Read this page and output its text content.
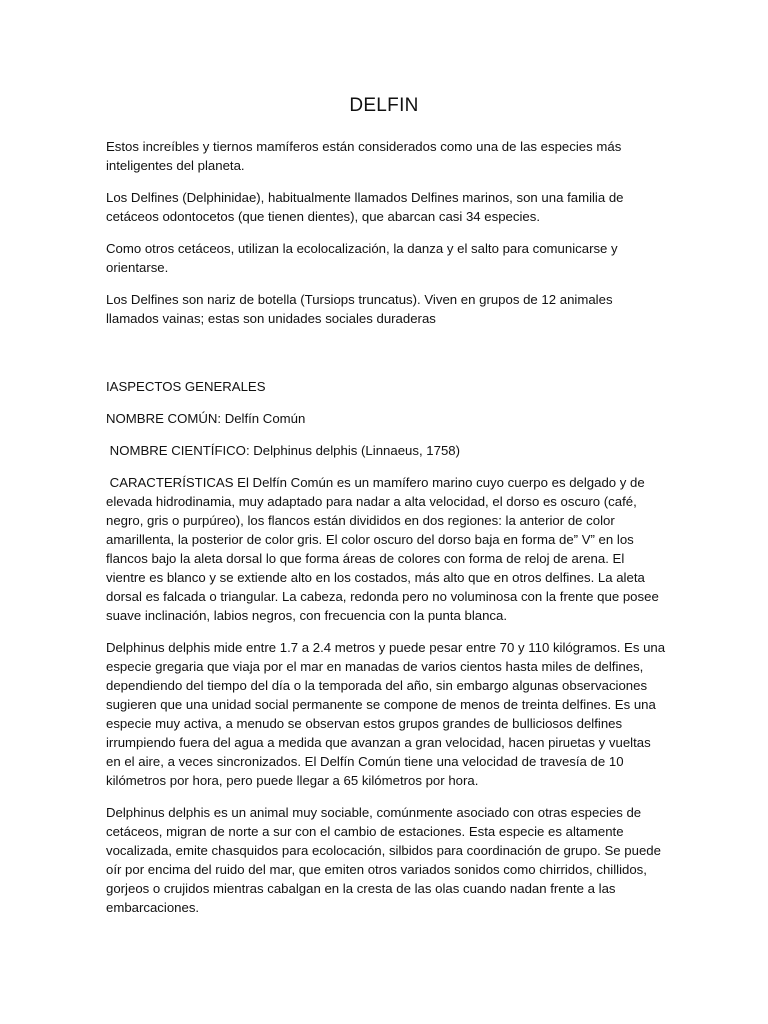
DELFIN

Estos increíbles y tiernos mamíferos están considerados como una de las especies más inteligentes del planeta.

Los Delfines (Delphinidae), habitualmente llamados Delfines marinos, son una familia de cetáceos odontocetos (que tienen dientes), que abarcan casi 34 especies.

Como otros cetáceos, utilizan la ecolocalización, la danza y el salto para comunicarse y orientarse.

Los Delfines son nariz de botella (Tursiops truncatus). Viven en grupos de 12 animales llamados vainas; estas son unidades sociales duraderas

IASPECTOS GENERALES

NOMBRE COMÚN: Delfín Común

NOMBRE CIENTÍFICO: Delphinus delphis (Linnaeus, 1758)

CARACTERÍSTICAS El Delfín Común es un mamífero marino cuyo cuerpo es delgado y de elevada hidrodinamia, muy adaptado para nadar a alta velocidad, el dorso es oscuro (café, negro, gris o purpúreo), los flancos están divididos en dos regiones: la anterior de color amarillenta, la posterior de color gris. El color oscuro del dorso baja en forma de” V” en los flancos bajo la aleta dorsal lo que forma áreas de colores con forma de reloj de arena. El vientre es blanco y se extiende alto en los costados, más alto que en otros delfines. La aleta dorsal es falcada o triangular. La cabeza, redonda pero no voluminosa con la frente que posee suave inclinación, labios negros, con frecuencia con la punta blanca.

Delphinus delphis mide entre 1.7 a 2.4 metros y puede pesar entre 70 y 110 kilógramos. Es una especie gregaria que viaja por el mar en manadas de varios cientos hasta miles de delfines, dependiendo del tiempo del día o la temporada del año, sin embargo algunas observaciones sugieren que una unidad social permanente se compone de menos de treinta delfines. Es una especie muy activa, a menudo se observan estos grupos grandes de bulliciosos delfines irrumpiendo fuera del agua a medida que avanzan a gran velocidad, hacen piruetas y vueltas en el aire, a veces sincronizados. El Delfín Común tiene una velocidad de travesía de 10 kilómetros por hora, pero puede llegar a 65 kilómetros por hora.

Delphinus delphis es un animal muy sociable, comúnmente asociado con otras especies de cetáceos, migran de norte a sur con el cambio de estaciones. Esta especie es altamente vocalizada, emite chasquidos para ecolocación, silbidos para coordinación de grupo. Se puede oír por encima del ruido del mar, que emiten otros variados sonidos como chirridos, chillidos, gorjeos o crujidos mientras cabalgan en la cresta de las olas cuando nadan frente a las embarcaciones.
